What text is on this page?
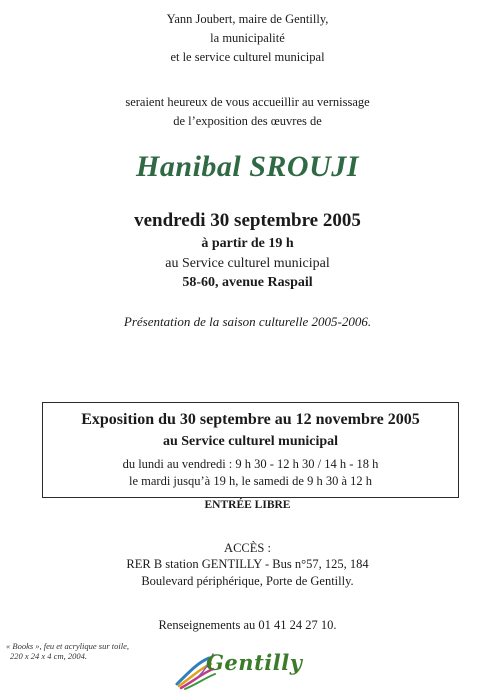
Yann Joubert, maire de Gentilly,
la municipalité
et le service culturel municipal
seraient heureux de vous accueillir au vernissage
de l’exposition des œuvres de
Hanibal SROUJI
vendredi 30 septembre 2005
à partir de 19 h
au Service culturel municipal
58-60, avenue Raspail
Présentation de la saison culturelle 2005-2006.
Exposition du 30 septembre au 12 novembre 2005
au Service culturel municipal
du lundi au vendredi : 9 h 30 - 12 h 30 / 14 h - 18 h
le mardi jusqu’à 19 h, le samedi de 9 h 30 à 12 h
ENTRÉE LIBRE
ACCÈS :
RER B station GENTILLY - Bus n°57, 125, 184
Boulevard périphérique, Porte de Gentilly.
Renseignements au 01 41 24 27 10.
« Books », feu et acrylique sur toile,
220 x 24 x 4 cm, 2004.	Gentilly
